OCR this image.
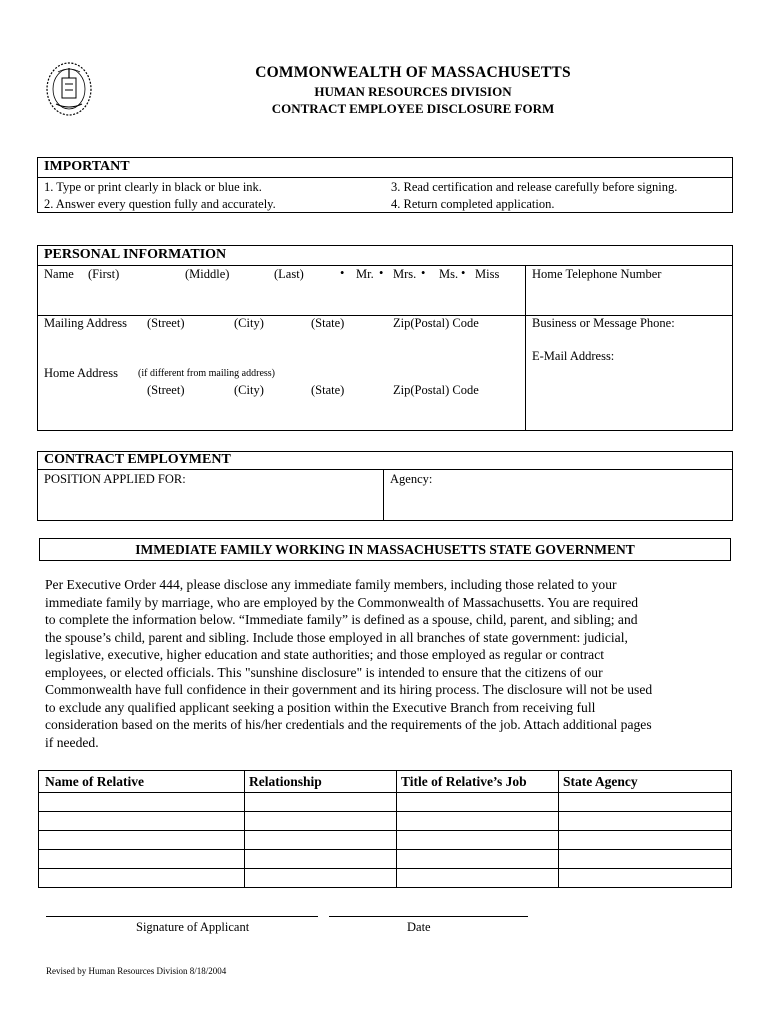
COMMONWEALTH OF MASSACHUSETTS
HUMAN RESOURCES DIVISION
CONTRACT EMPLOYEE DISCLOSURE FORM
IMPORTANT
1. Type or print clearly in black or blue ink.
2. Answer every question fully and accurately.
3. Read certification and release carefully before signing.
4. Return completed application.
PERSONAL INFORMATION
Name (First)	(Middle)	(Last)	• Mr. • Mrs. • Ms. • Miss	Home Telephone Number
Mailing Address (Street)	(City)	(State)	Zip(Postal) Code	Business or Message Phone:
E-Mail Address:
Home Address (if different from mailing address)
(Street)	(City)	(State)	Zip(Postal) Code
CONTRACT EMPLOYMENT
POSITION APPLIED FOR:	Agency:
IMMEDIATE FAMILY WORKING IN MASSACHUSETTS STATE GOVERNMENT
Per Executive Order 444, please disclose any immediate family members, including those related to your
immediate family by marriage, who are employed by the Commonwealth of Massachusetts. You are required
to complete the information below. “Immediate family” is defined as a spouse, child, parent, and sibling; and
the spouse’s child, parent and sibling. Include those employed in all branches of state government: judicial,
legislative, executive, higher education and state authorities; and those employed as regular or contract
employees, or elected officials. This "sunshine disclosure" is intended to ensure that the citizens of our
Commonwealth have full confidence in their government and its hiring process. The disclosure will not be used
to exclude any qualified applicant seeking a position within the Executive Branch from receiving full
consideration based on the merits of his/her credentials and the requirements of the job. Attach additional pages
if needed.
Name of Relative	Relationship	Title of Relative’s Job	State Agency

Signature of Applicant	Date
Revised by Human Resources Division 8/18/2004
